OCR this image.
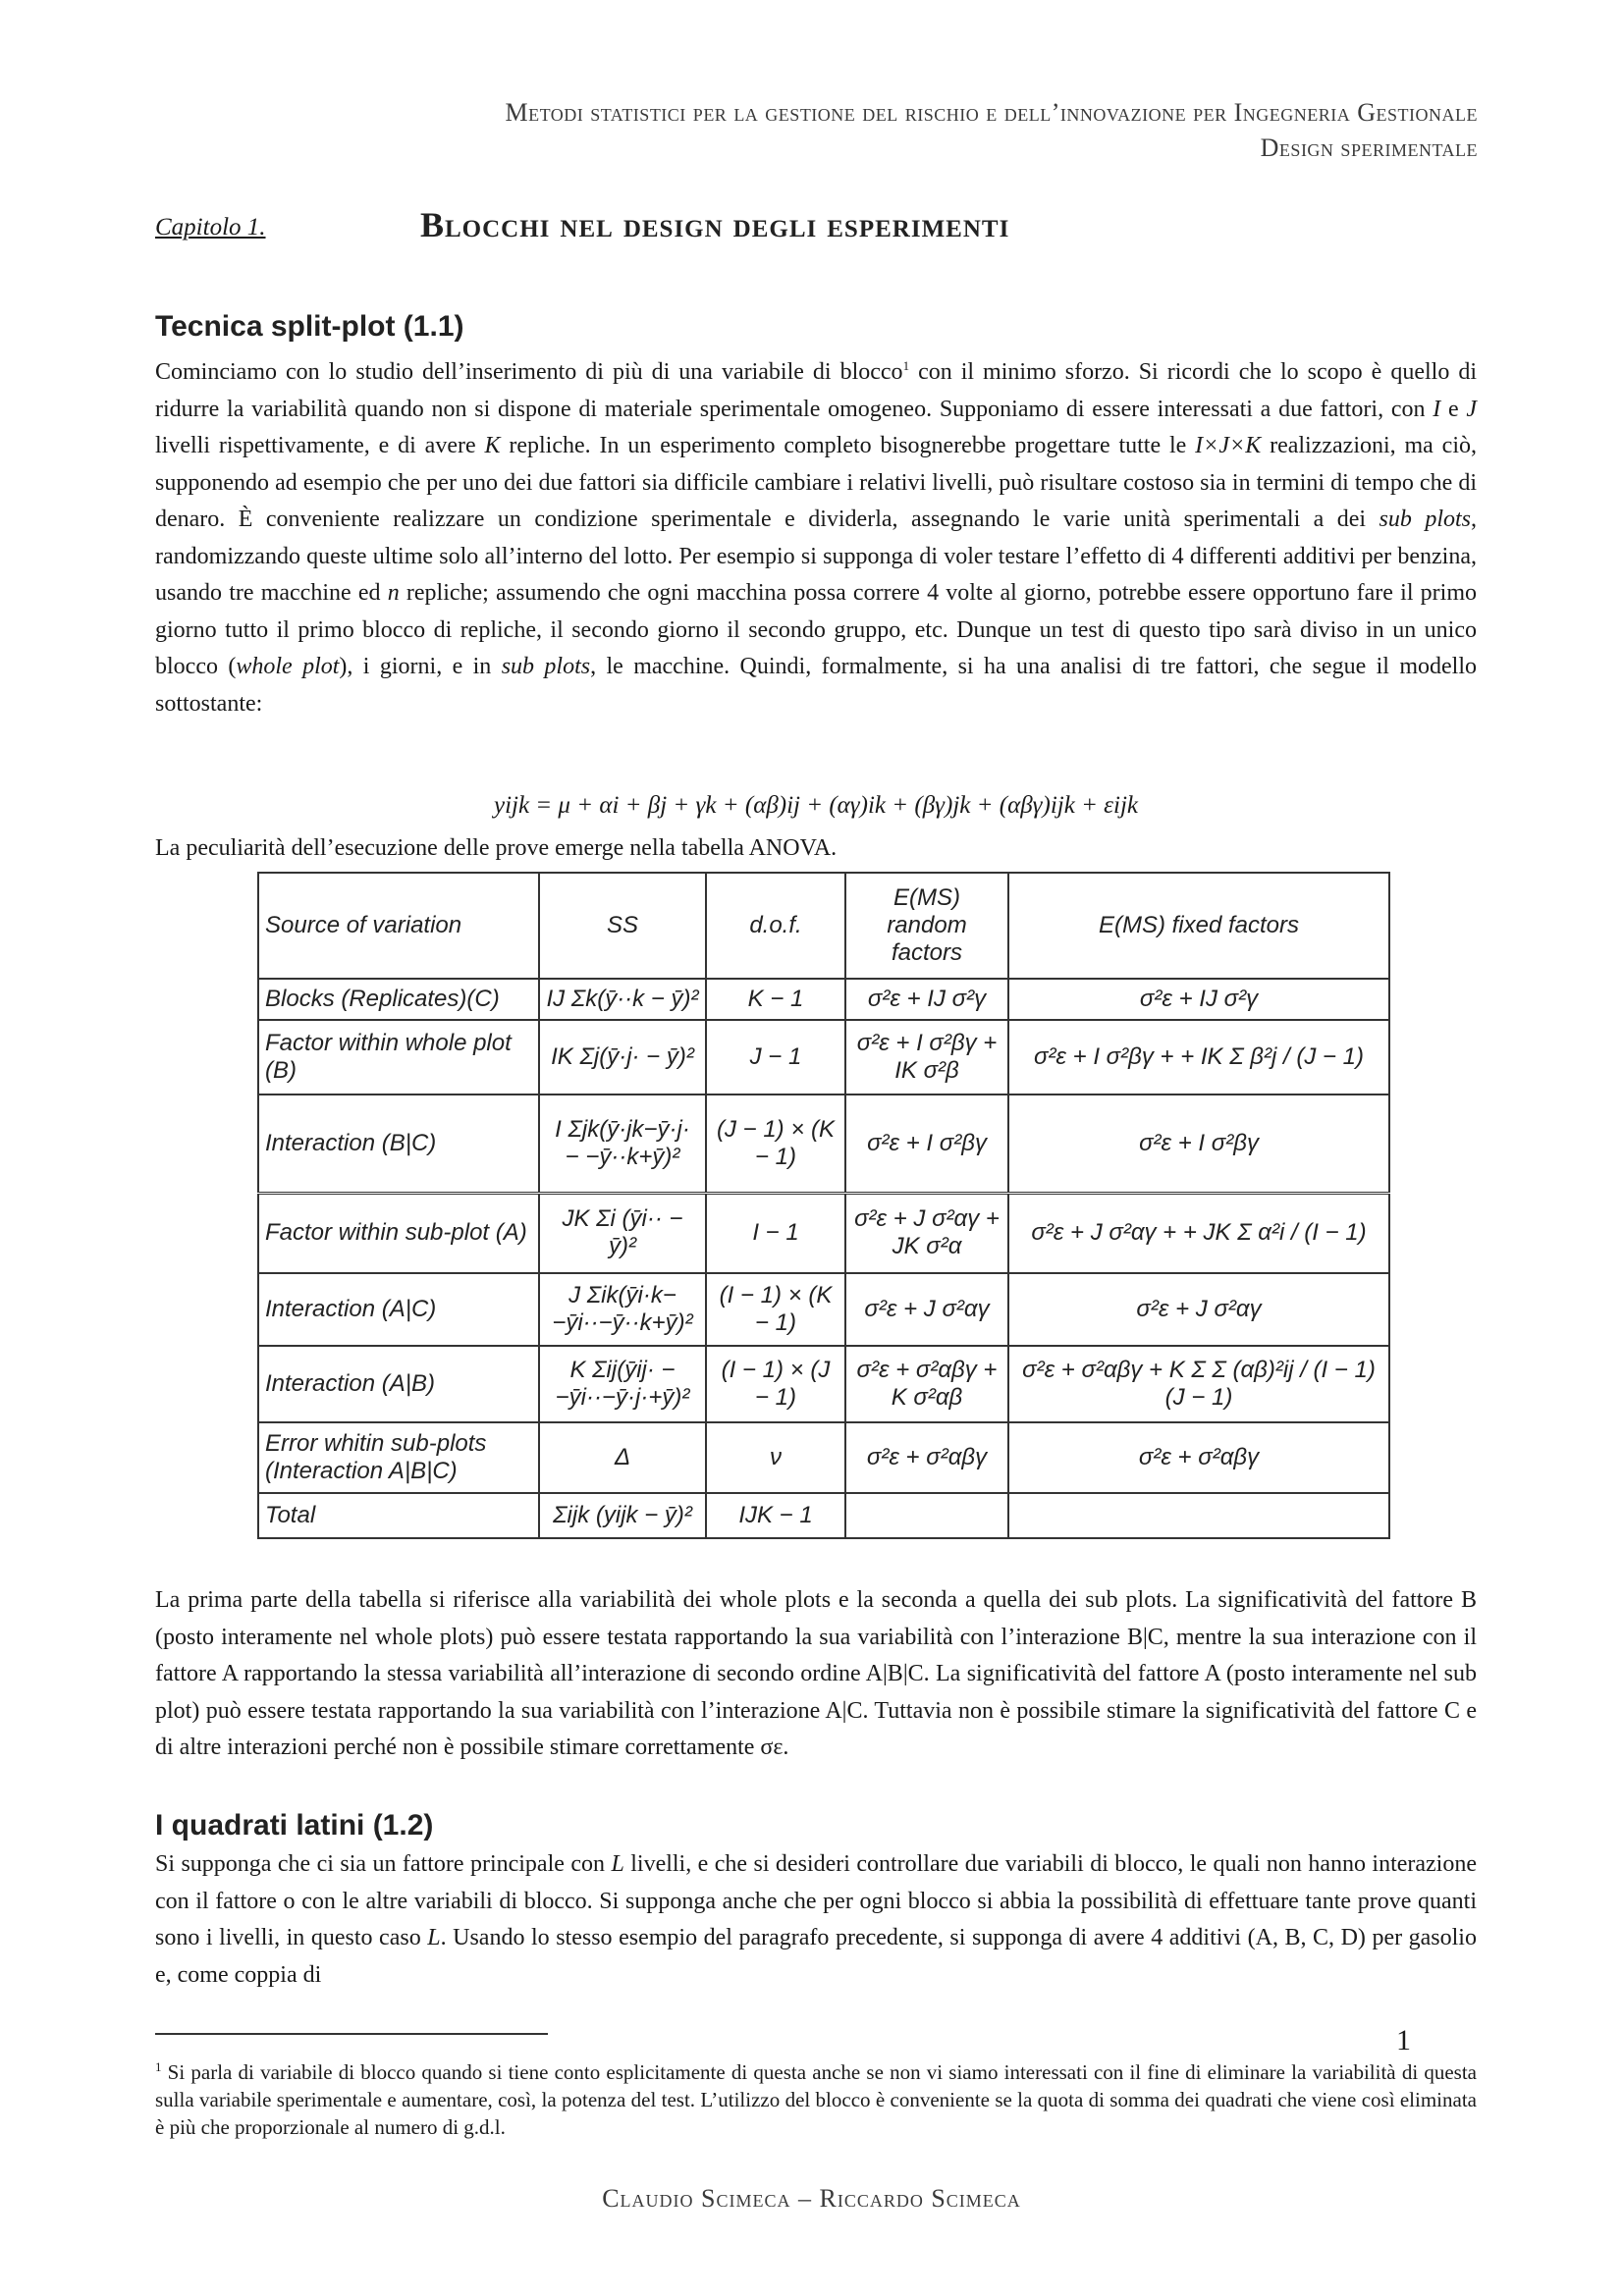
Metodi statistici per la gestione del rischio e dell’innovazione per Ingegneria Gestionale
Design sperimentale
Capitolo 1.	Blocchi nel design degli esperimenti
Tecnica split-plot (1.1)
Cominciamo con lo studio dell’inserimento di più di una variabile di blocco$^1$ con il minimo sforzo. Si ricordi che lo scopo è quello di ridurre la variabilità quando non si dispone di materiale sperimentale omogeneo. Supponiamo di essere interessati a due fattori, con I e J livelli rispettivamente, e di avere K repliche. In un esperimento completo bisognerebbe progettare tutte le I×J×K realizzazioni, ma ciò, supponendo ad esempio che per uno dei due fattori sia difficile cambiare i relativi livelli, può risultare costoso sia in termini di tempo che di denaro. È conveniente realizzare un condizione sperimentale e dividerla, assegnando le varie unità sperimentali a dei sub plots, randomizzando queste ultime solo all’interno del lotto. Per esempio si supponga di voler testare l’effetto di 4 differenti additivi per benzina, usando tre macchine ed n repliche; assumendo che ogni macchina possa correre 4 volte al giorno, potrebbe essere opportuno fare il primo giorno tutto il primo blocco di repliche, il secondo giorno il secondo gruppo, etc. Dunque un test di questo tipo sarà diviso in un unico blocco (whole plot), i giorni, e in sub plots, le macchine. Quindi, formalmente, si ha una analisi di tre fattori, che segue il modello sottostante:
yijk = μ + αi + βj + γk + (αβ)ij + (αγ)ik + (βγ)jk + (αβγ)ijk + εijk
La peculiarità dell’esecuzione delle prove emerge nella tabella ANOVA.
Source of variation	SS	d.o.f.	E(MS) random factors	E(MS) fixed factors
Blocks (Replicates)(C)	IJ Σk(ȳ··k − ȳ)²	K − 1	σ²ε + IJ σ²γ	σ²ε + IJ σ²γ
Factor within whole plot (B)	IK Σj(ȳ·j· − ȳ)²	J − 1	σ²ε + I σ²βγ + IK σ²β	σ²ε + I σ²βγ + + IK Σ β²j / (J − 1)
Interaction (B|C)	I Σjk(ȳ·jk−ȳ·j· − −ȳ··k+ȳ)²	(J − 1) × (K − 1)	σ²ε + I σ²βγ	σ²ε + I σ²βγ
Factor within sub-plot (A)	JK Σi (ȳi·· − ȳ)²	I − 1	σ²ε + J σ²αγ + JK σ²α	σ²ε + J σ²αγ + + JK Σ α²i / (I − 1)
Interaction (A|C)	J Σik(ȳi·k− −ȳi··−ȳ··k+ȳ)²	(I − 1) × (K − 1)	σ²ε + J σ²αγ	σ²ε + J σ²αγ
Interaction (A|B)	K Σij(ȳij· − −ȳi··−ȳ·j·+ȳ)²	(I − 1) × (J − 1)	σ²ε + σ²αβγ + K σ²αβ	σ²ε + σ²αβγ + K Σ Σ (αβ)²ij / (I − 1) (J − 1)
Error whitin sub-plots (Interaction A|B|C)	Δ	ν	σ²ε + σ²αβγ	σ²ε + σ²αβγ
Total	Σijk (yijk − ȳ)²	IJK − 1		
La prima parte della tabella si riferisce alla variabilità dei whole plots e la seconda a quella dei sub plots. La significatività del fattore B (posto interamente nel whole plots) può essere testata rapportando la sua variabilità con l’interazione B|C, mentre la sua interazione con il fattore A rapportando la stessa variabilità all’interazione di secondo ordine A|B|C. La significatività del fattore A (posto interamente nel sub plot) può essere testata rapportando la sua variabilità con l’interazione A|C. Tuttavia non è possibile stimare la significatività del fattore C e di altre interazioni perché non è possibile stimare correttamente σε.
I quadrati latini (1.2)
Si supponga che ci sia un fattore principale con L livelli, e che si desideri controllare due variabili di blocco, le quali non hanno interazione con il fattore o con le altre variabili di blocco. Si supponga anche che per ogni blocco si abbia la possibilità di effettuare tante prove quanti sono i livelli, in questo caso L. Usando lo stesso esempio del paragrafo precedente, si supponga di avere 4 additivi (A, B, C, D) per gasolio e, come coppia di
1
$^1$ Si parla di variabile di blocco quando si tiene conto esplicitamente di questa anche se non vi siamo interessati con il fine di eliminare la variabilità di questa sulla variabile sperimentale e aumentare, così, la potenza del test. L’utilizzo del blocco è conveniente se la quota di somma dei quadrati che viene così eliminata è più che proporzionale al numero di g.d.l.
Claudio Scimeca – Riccardo Scimeca
